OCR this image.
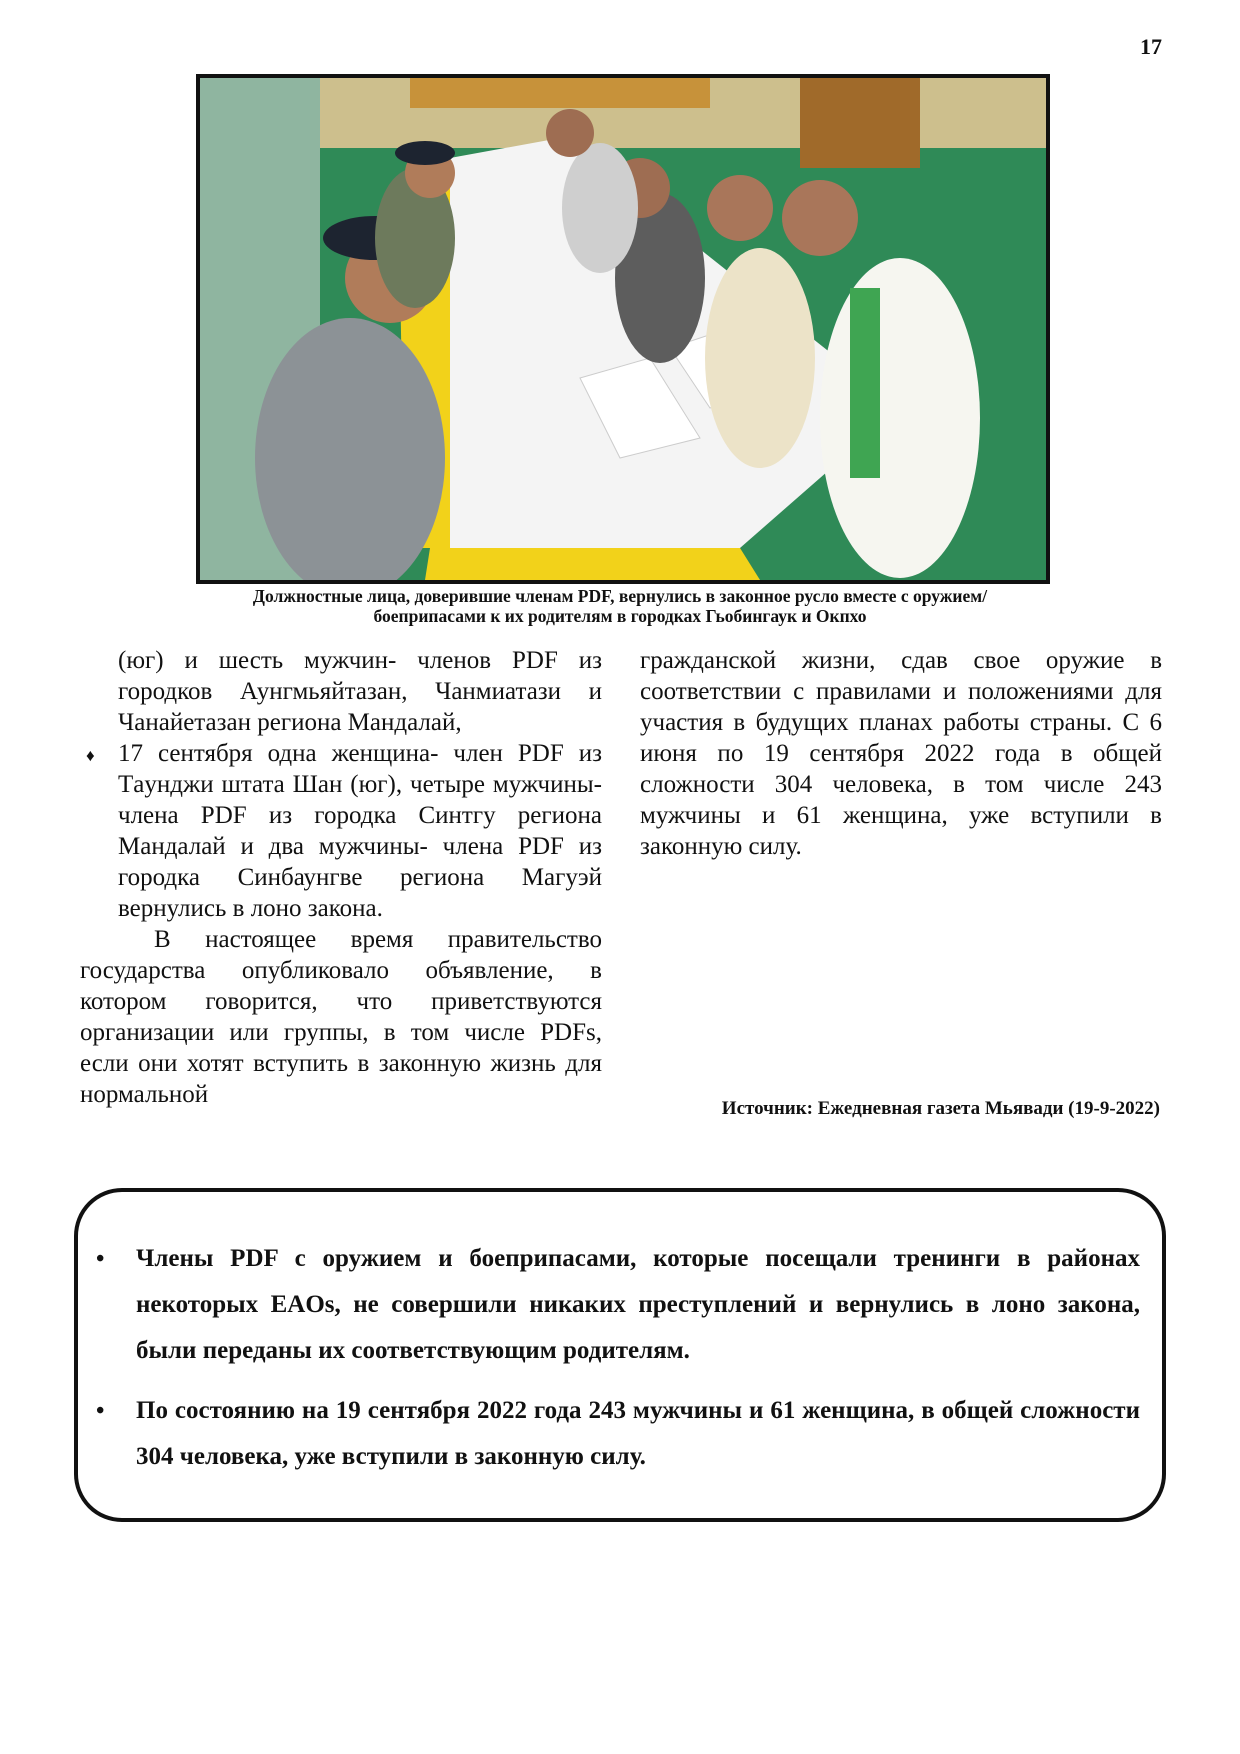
17
Должностные лица, доверившие членам PDF, вернулись в законное русло вместе с оружием/
боеприпасами к их родителям в городках Гьобингаук и Окпхо

(юг) и шесть мужчин- членов PDF из городков Аунгмьяйтазан, Чанмиатази и Чанайетазан региона Мандалай,

♦ 17 сентября одна женщина- член PDF из Тaунджи штата Шан (юг), четыре мужчины- члена PDF из городка Синтгу региона Мандалай и два мужчины- члена PDF из городка Синбаунгве региона Магуэй вернулись в лоно закона.

В настоящее время правительство государства опубликовало объявление, в котором говорится, что приветствуются организации или группы, в том числе PDFs, если они хотят вступить в законную жизнь для нормальной

гражданской жизни, сдав свое оружие в соответствии с правилами и положениями для участия в будущих планах работы страны. С 6 июня по 19 сентября 2022 года в общей сложности 304 человека, в том числе 243 мужчины и 61 женщина, уже вступили в законную силу.

Источник: Ежедневная газета Мьявади (19-9-2022)
• Члены PDF с оружием и боеприпасами, которые посещали тренинги в районах некоторых EAOs, не совершили никаких преступлений и вернулись в лоно закона, были переданы их соответствующим родителям.
• По состоянию на 19 сентября 2022 года 243 мужчины и 61 женщина, в общей сложности 304 человека, уже вступили в законную силу.
